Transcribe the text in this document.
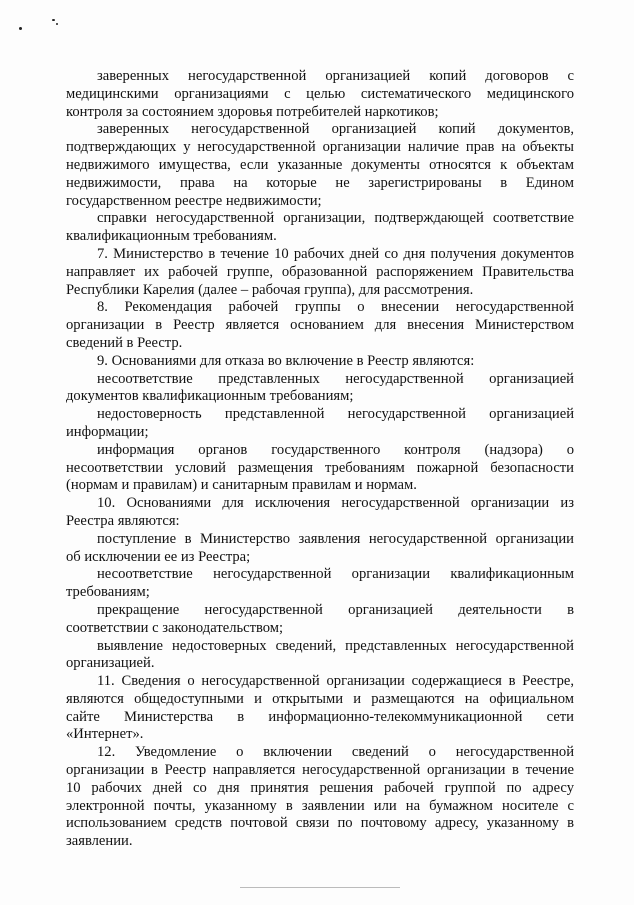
заверенных негосударственной организацией копий договоров с
медицинскими организациями с целью систематического медицинского
контроля за состоянием здоровья потребителей наркотиков;
заверенных негосударственной организацией копий документов,
подтверждающих у негосударственной организации наличие прав на объекты
недвижимого имущества, если указанные документы относятся к объектам
недвижимости, права на которые не зарегистрированы в Едином
государственном реестре недвижимости;
справки негосударственной организации, подтверждающей соответствие
квалификационным требованиям.
7. Министерство в течение 10 рабочих дней со дня получения документов
направляет их рабочей группе, образованной распоряжением Правительства
Республики Карелия (далее – рабочая группа), для рассмотрения.
8. Рекомендация рабочей группы о внесении негосударственной
организации в Реестр является основанием для внесения Министерством
сведений в Реестр.
9. Основаниями для отказа во включение в Реестр являются:
несоответствие представленных негосударственной организацией
документов квалификационным требованиям;
недостоверность представленной негосударственной организацией
информации;
информация органов государственного контроля (надзора) о
несоответствии условий размещения требованиям пожарной безопасности
(нормам и правилам) и санитарным правилам и нормам.
10. Основаниями для исключения негосударственной организации из
Реестра являются:
поступление в Министерство заявления негосударственной организации
об исключении ее из Реестра;
несоответствие негосударственной организации квалификационным
требованиям;
прекращение негосударственной организацией деятельности в
соответствии с законодательством;
выявление недостоверных сведений, представленных негосударственной
организацией.
11. Сведения о негосударственной организации содержащиеся в Реестре,
являются общедоступными и открытыми и размещаются на официальном
сайте Министерства в информационно-телекоммуникационной сети
«Интернет».
12. Уведомление о включении сведений о негосударственной
организации в Реестр направляется негосударственной организации в течение
10 рабочих дней со дня принятия решения рабочей группой по адресу
электронной почты, указанному в заявлении или на бумажном носителе с
использованием средств почтовой связи по почтовому адресу, указанному в
заявлении.
